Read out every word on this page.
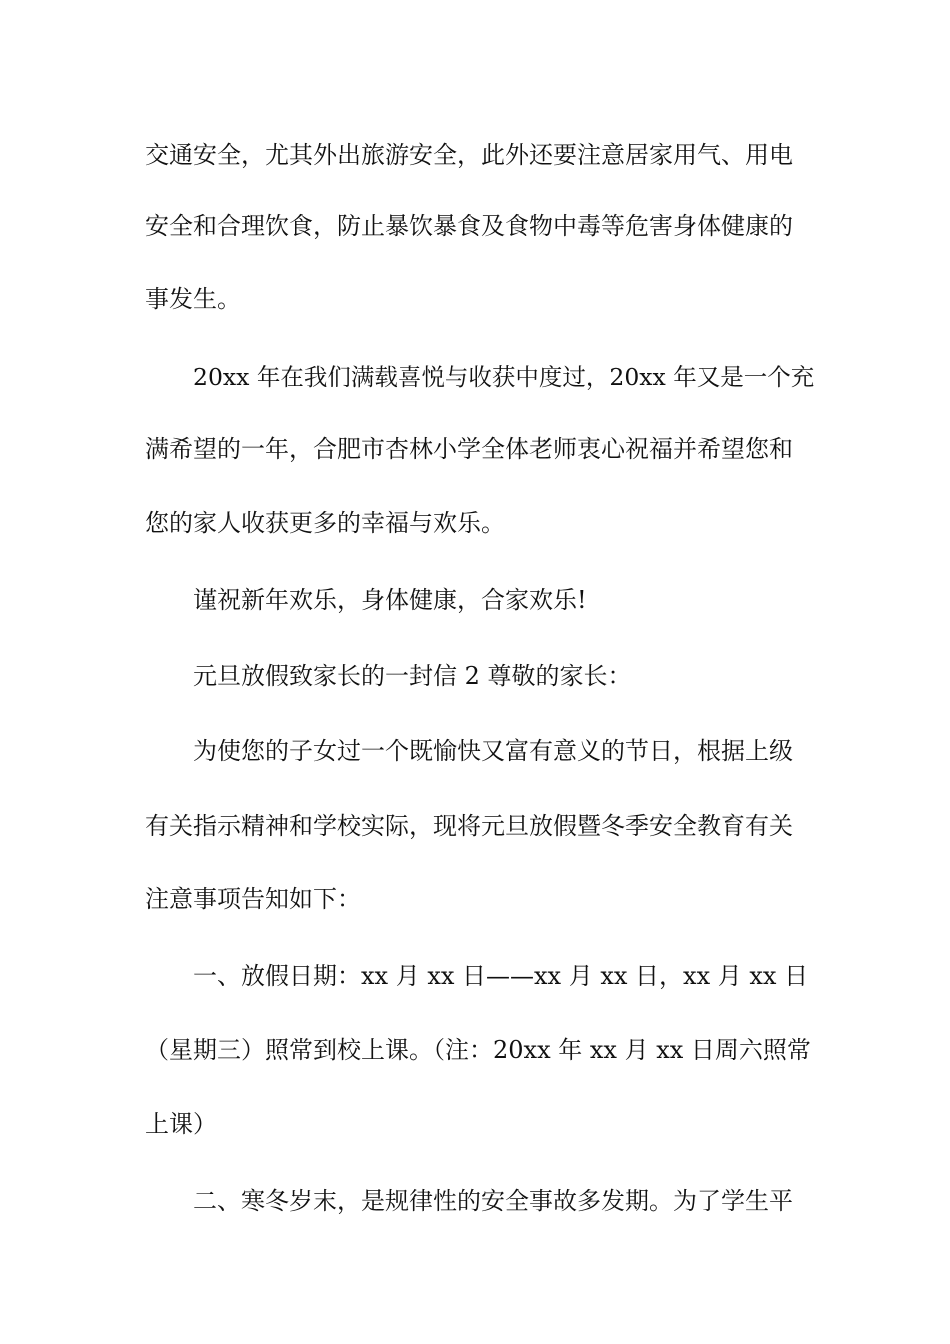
交通安全，尤其外出旅游安全，此外还要注意居家用气、用电
安全和合理饮食，防止暴饮暴食及食物中毒等危害身体健康的
事发生。
20xx 年在我们满载喜悦与收获中度过，20xx 年又是一个充
满希望的一年，合肥市杏林小学全体老师衷心祝福并希望您和
您的家人收获更多的幸福与欢乐。
谨祝新年欢乐，身体健康，合家欢乐!
元旦放假致家长的一封信 2 尊敬的家长：
为使您的子女过一个既愉快又富有意义的节日，根据上级
有关指示精神和学校实际，现将元旦放假暨冬季安全教育有关
注意事项告知如下：
一、放假日期：xx 月 xx 日——xx 月 xx 日，xx 月 xx 日
（星期三）照常到校上课。（注：20xx 年 xx 月 xx 日周六照常
上课）
二、寒冬岁末，是规律性的安全事故多发期。为了学生平
